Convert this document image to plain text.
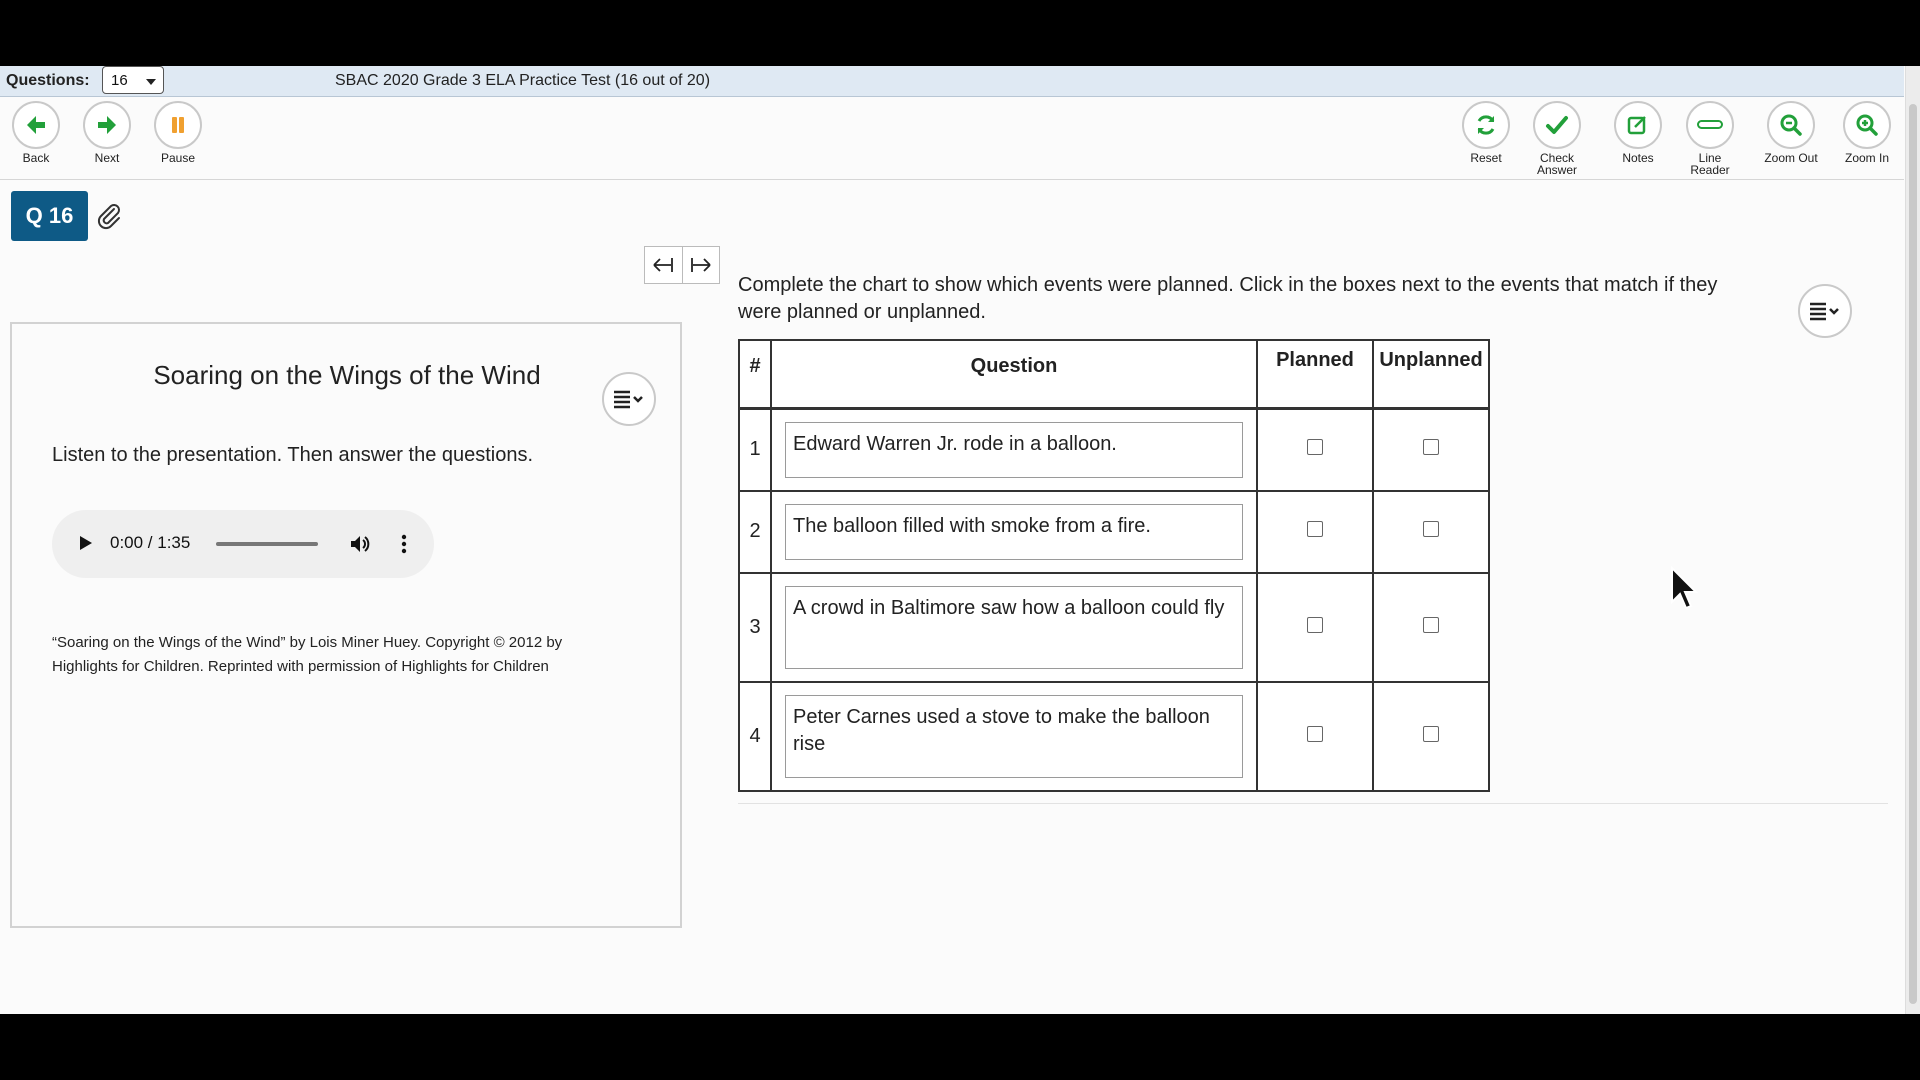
Questions:	16	SBAC 2020 Grade 3 ELA Practice Test (16 out of 20)
Back	Next	Pause	Reset	Check
Answer
Notes	Line
Reader
Zoom Out	Zoom In
Q 16
Soaring on the Wings of the Wind
Listen to the presentation. Then answer the questions.
0:00 / 1:35
“Soaring on the Wings of the Wind” by Lois Miner Huey. Copyright © 2012 by
Highlights for Children. Reprinted with permission of Highlights for Children
Complete the chart to show which events were planned. Click in the boxes next to the events that match if they were planned or unplanned.
#	Question	Planned	Unplanned
1	Edward Warren Jr. rode in a balloon.		

2	The balloon filled with smoke from a fire.		

3	A crowd in Baltimore saw how a balloon could fly		

4	Peter Carnes used a stove to make the balloon rise		
